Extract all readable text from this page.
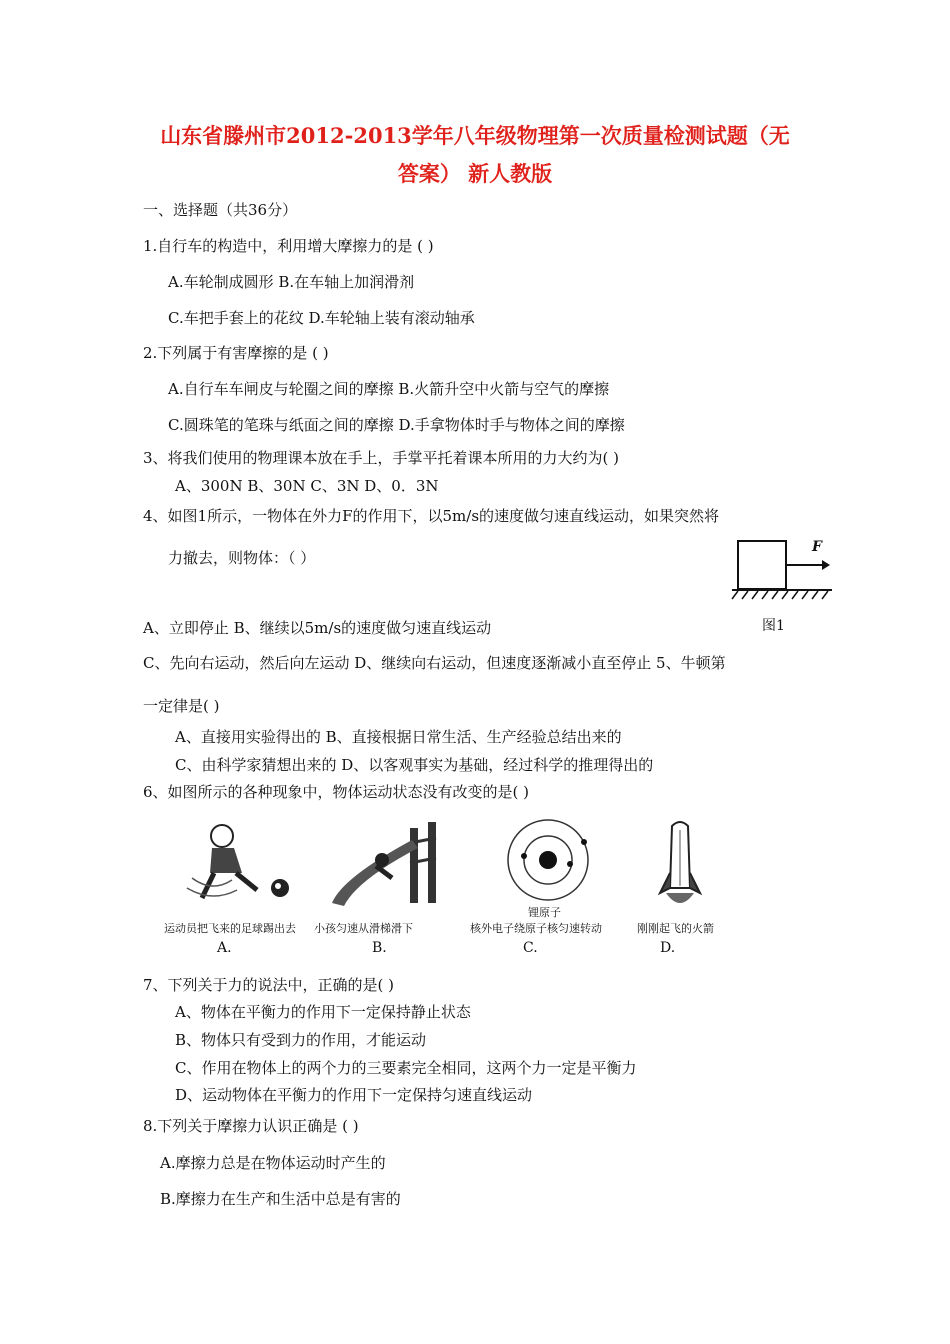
山东省滕州市2012-2013学年八年级物理第一次质量检测试题（无
答案） 新人教版
一、选择题（共36分）
1.自行车的构造中，利用增大摩擦力的是 ( )
A.车轮制成圆形 B.在车轴上加润滑剂
C.车把手套上的花纹 D.车轮轴上装有滚动轴承
2.下列属于有害摩擦的是 ( )
A.自行车车闸皮与轮圈之间的摩擦 B.火箭升空中火箭与空气的摩擦
C.圆珠笔的笔珠与纸面之间的摩擦 D.手拿物体时手与物体之间的摩擦
3、将我们使用的物理课本放在手上，手掌平托着课本所用的力大约为( )
A、300N B、30N C、3N D、0．3N
4、如图1所示，一物体在外力F的作用下，以5m/s的速度做匀速直线运动，如果突然将
力撤去，则物体：（ ）
F
图1
A、立即停止 B、继续以5m/s的速度做匀速直线运动
C、先向右运动，然后向左运动 D、继续向右运动，但速度逐渐减小直至停止 5、牛顿第
一定律是( )
A、直接用实验得出的 B、直接根据日常生活、生产经验总结出来的
C、由科学家猜想出来的 D、以客观事实为基础，经过科学的推理得出的
6、如图所示的各种现象中，物体运动状态没有改变的是( )
运动员把飞来的足球踢出去
A.
小孩匀速从滑梯滑下
B.
锂原子
核外电子绕原子核匀速转动
C.
刚刚起飞的火箭
D.
7、下列关于力的说法中，正确的是( )
A、物体在平衡力的作用下一定保持静止状态
B、物体只有受到力的作用，才能运动
C、作用在物体上的两个力的三要素完全相同，这两个力一定是平衡力
D、运动物体在平衡力的作用下一定保持匀速直线运动
8.下列关于摩擦力认识正确是 ( )
A.摩擦力总是在物体运动时产生的
B.摩擦力在生产和生活中总是有害的
